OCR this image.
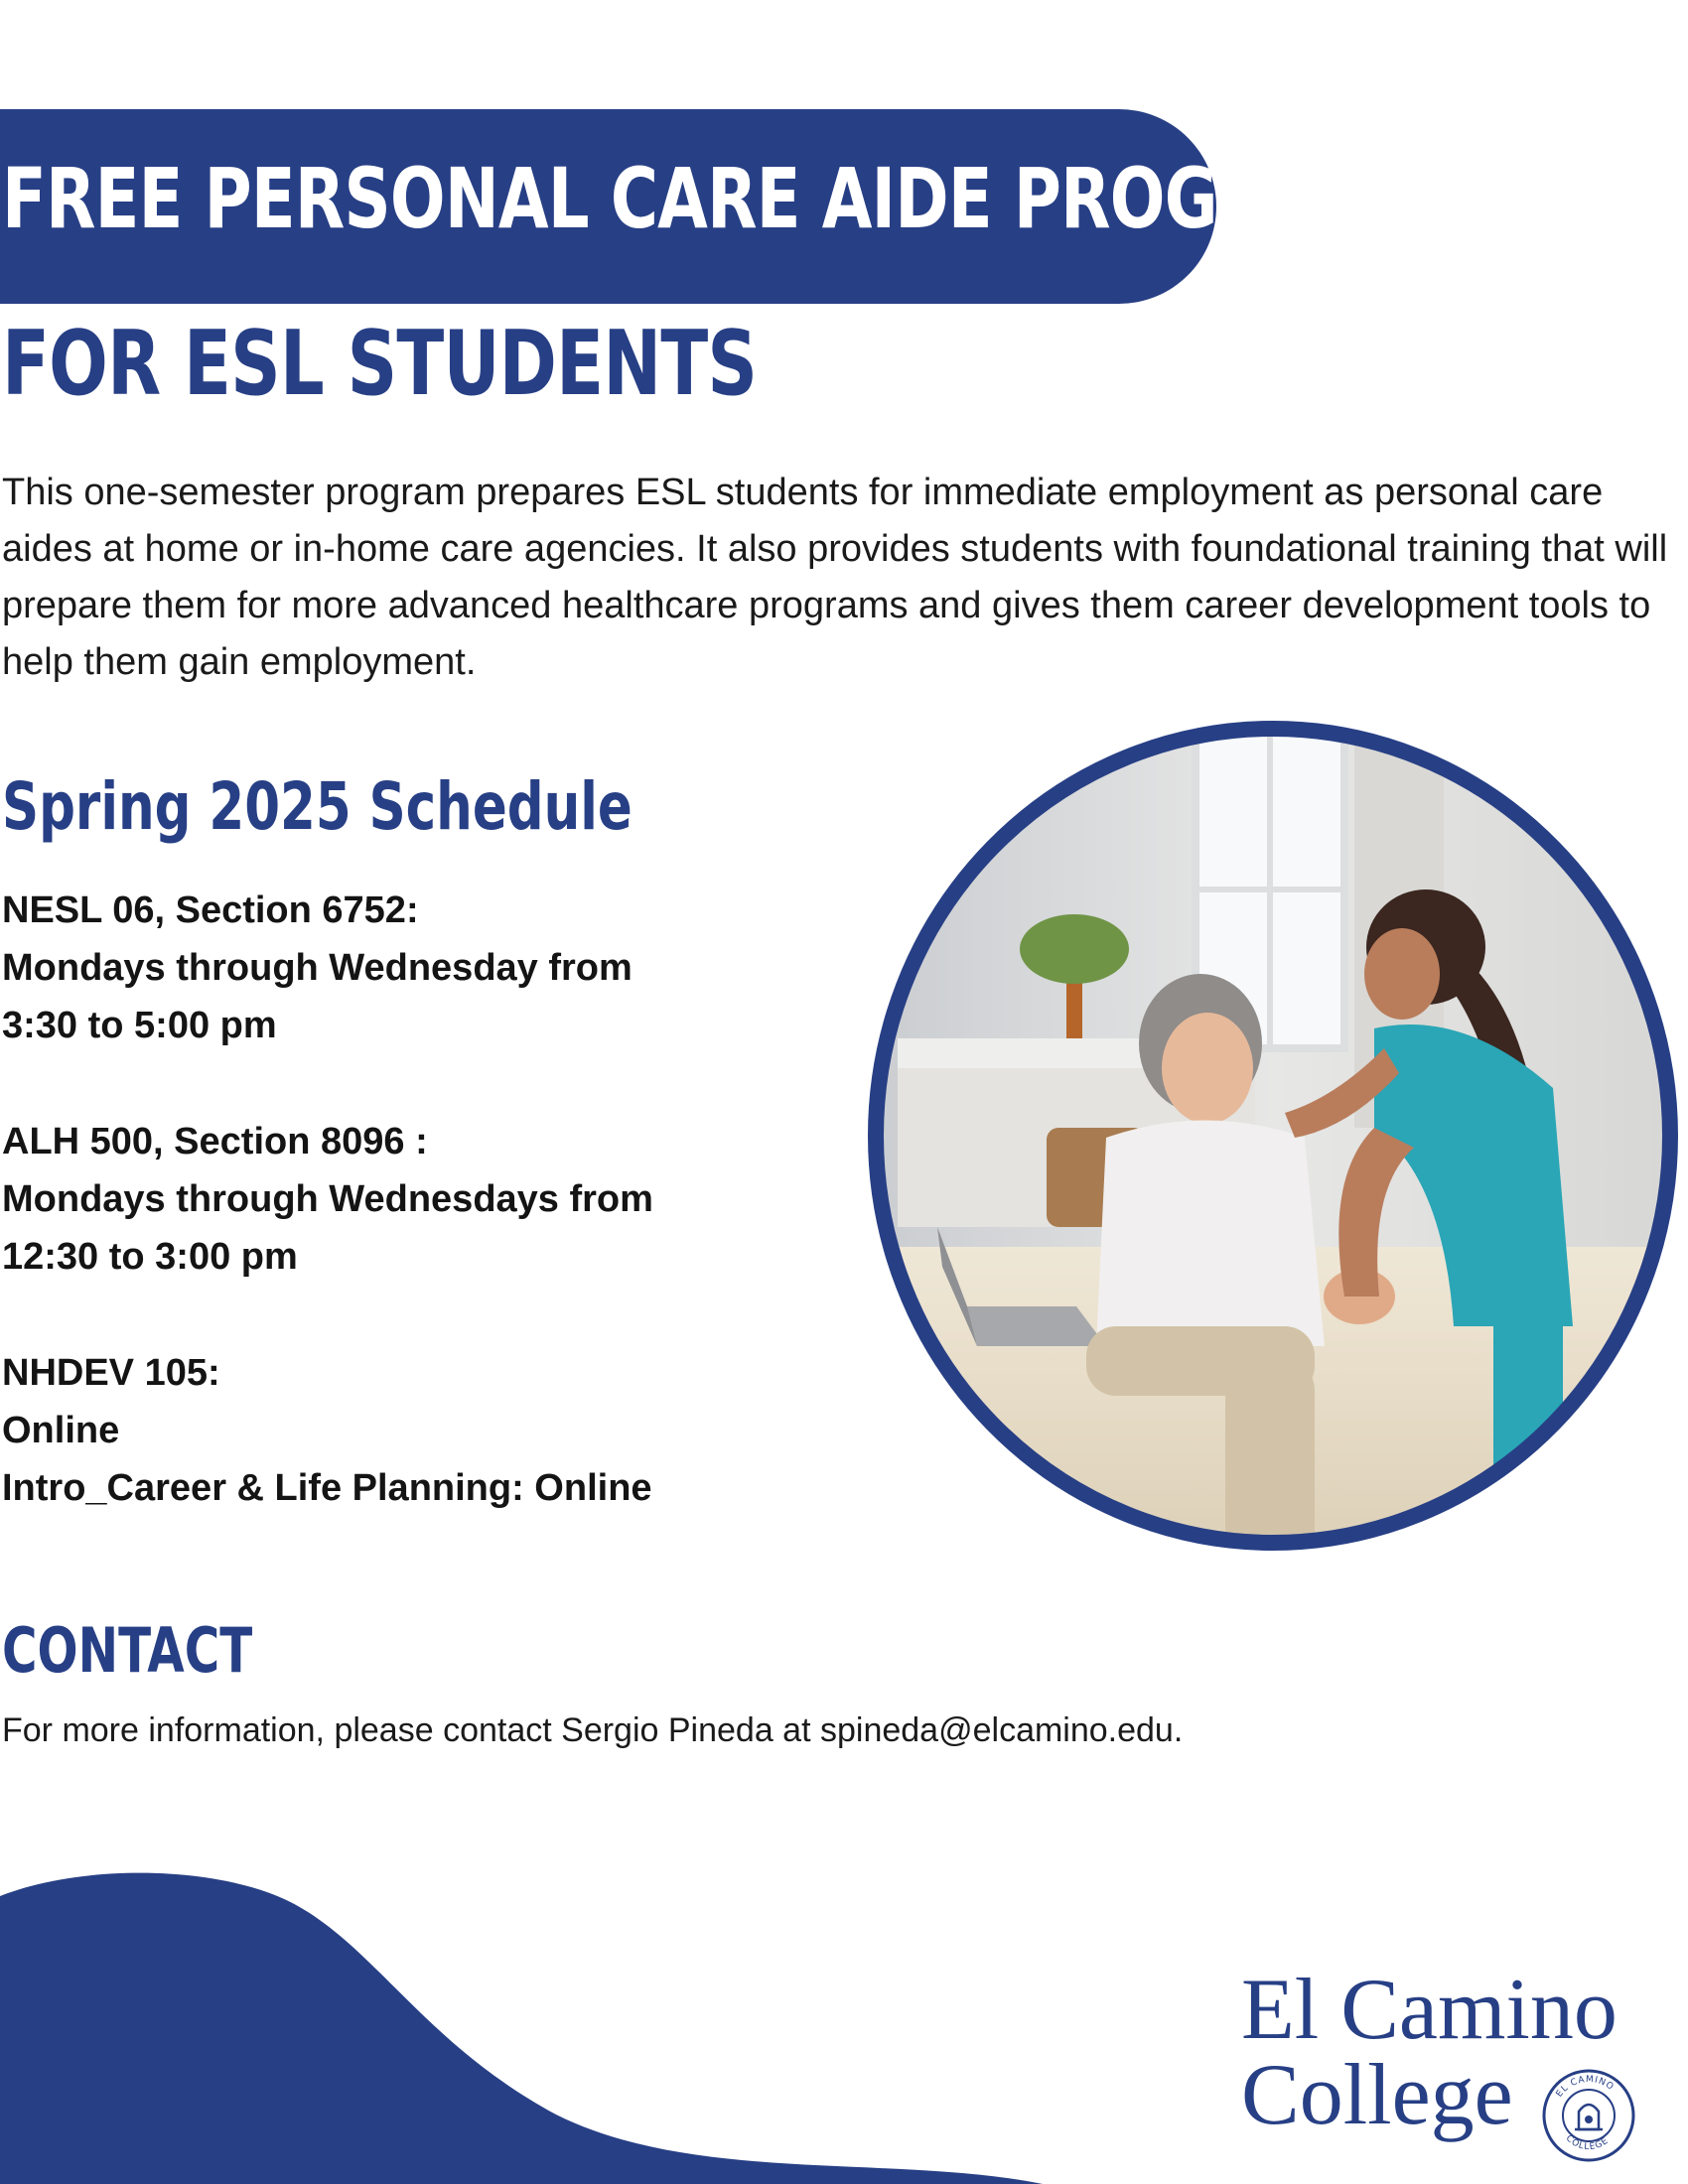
FREE PERSONAL CARE AIDE PROGRAM
FOR ESL STUDENTS

This one-semester program prepares ESL students for immediate employment as personal care aides at home or in-home care agencies. It also provides students with foundational training that will prepare them for more advanced healthcare programs and gives them career development tools to help them gain employment.

Spring 2025 Schedule
NESL 06, Section 6752:
Mondays through Wednesday from
3:30 to 5:00 pm
ALH 500, Section 8096 :
Mondays through Wednesdays from
12:30 to 3:00 pm
NHDEV 105:
Online
Intro_Career & Life Planning: Online
CONTACT
For more information, please contact Sergio Pineda at spineda@elcamino.edu.
El Camino
College	EL CAMINO
COLLEGE
